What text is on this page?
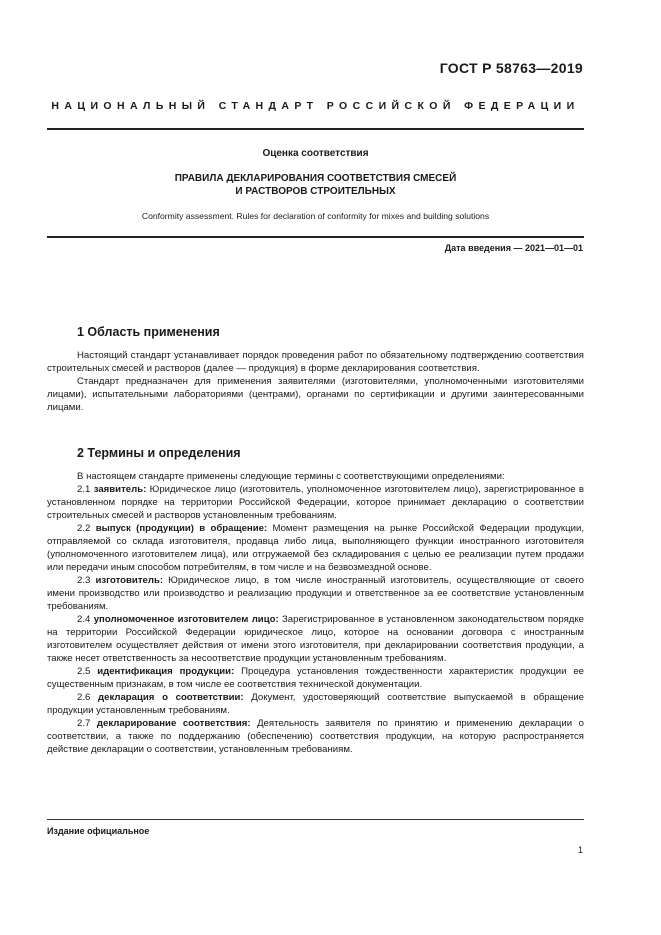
ГОСТ Р 58763—2019
НАЦИОНАЛЬНЫЙ СТАНДАРТ РОССИЙСКОЙ ФЕДЕРАЦИИ
Оценка соответствия
ПРАВИЛА ДЕКЛАРИРОВАНИЯ СООТВЕТСТВИЯ СМЕСЕЙ
И РАСТВОРОВ СТРОИТЕЛЬНЫХ
Conformity assessment. Rules for declaration of conformity for mixes and building solutions
Дата введения — 2021—01—01
1 Область применения

Настоящий стандарт устанавливает порядок проведения работ по обязательному подтверждению соответствия строительных смесей и растворов (далее — продукция) в форме декларирования соответствия.

Стандарт предназначен для применения заявителями (изготовителями, уполномоченными изготовителями лицами), испытательными лабораториями (центрами), органами по сертификации и другими заинтересованными лицами.

2 Термины и определения

В настоящем стандарте применены следующие термины с соответствующими определениями:

2.1 заявитель: Юридическое лицо (изготовитель, уполномоченное изготовителем лицо), зарегистрированное в установленном порядке на территории Российской Федерации, которое принимает декларацию о соответствии строительных смесей и растворов установленным требованиям.

2.2 выпуск (продукции) в обращение: Момент размещения на рынке Российской Федерации продукции, отправляемой со склада изготовителя, продавца либо лица, выполняющего функции иностранного изготовителя (уполномоченного изготовителем лица), или отгружаемой без складирования с целью ее реализации путем продажи или передачи иным способом потребителям, в том числе и на безвозмездной основе.

2.3 изготовитель: Юридическое лицо, в том числе иностранный изготовитель, осуществляющие от своего имени производство или производство и реализацию продукции и ответственное за ее соответствие установленным требованиям.

2.4 уполномоченное изготовителем лицо: Зарегистрированное в установленном законодательством порядке на территории Российской Федерации юридическое лицо, которое на основании договора с иностранным изготовителем осуществляет действия от имени этого изготовителя, при декларировании соответствия продукции, а также несет ответственность за несоответствие продукции установленным требованиям.

2.5 идентификация продукции: Процедура установления тождественности характеристик продукции ее существенным признакам, в том числе ее соответствия технической документации.

2.6 декларация о соответствии: Документ, удостоверяющий соответствие выпускаемой в обращение продукции установленным требованиям.

2.7 декларирование соответствия: Деятельность заявителя по принятию и применению декларации о соответствии, а также по поддержанию (обеспечению) соответствия продукции, на которую распространяется действие декларации о соответствии, установленным требованиям.

Издание официальное
1
